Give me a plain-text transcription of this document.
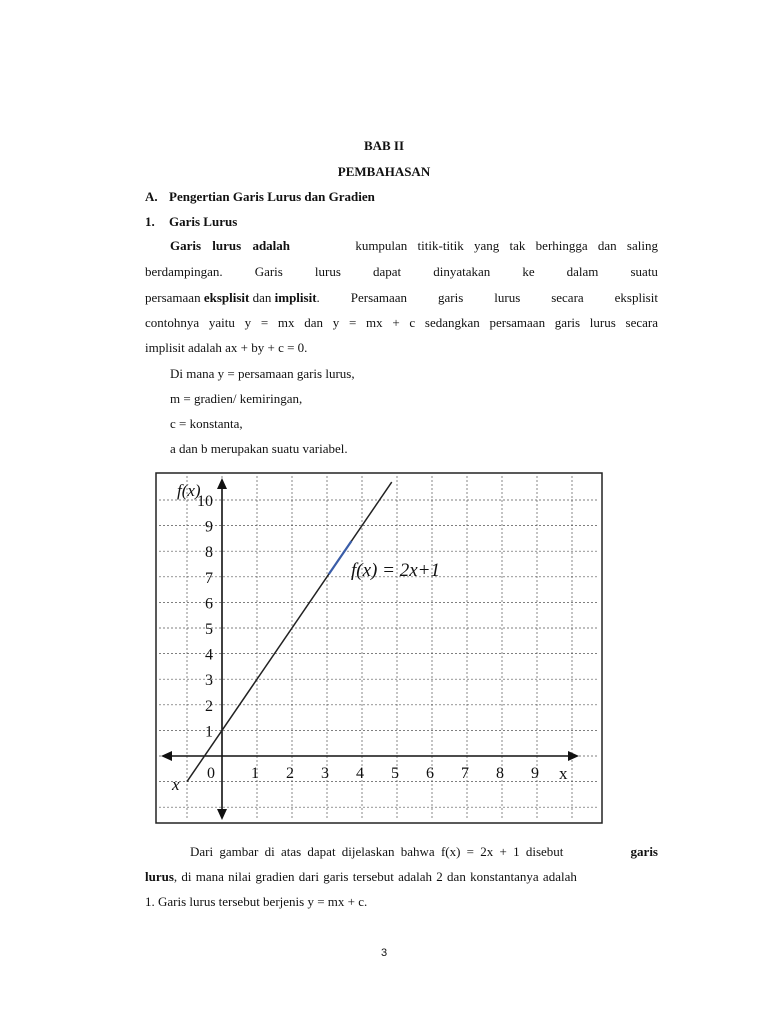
BAB II
PEMBAHASAN
A. Pengertian Garis Lurus dan Gradien
1. Garis Lurus
Garis lurus adalah	kumpulan titik-titik yang tak berhingga dan saling
berdampingan. Garis lurus dapat dinyatakan ke dalam suatu
persamaan eksplisit dan implisit. Persamaan garis lurus secara eksplisit
contohnya yaitu y = mx dan y = mx + c sedangkan persamaan garis lurus secara
implisit adalah ax + by + c = 0.
Di mana y = persamaan garis lurus,
m = gradien/ kemiringan,
c = konstanta,
a dan b merupakan suatu variabel.
0 1 2 3 4 5 6 7 8 9
1
2
3
4
5
6
7
8
9
10
f(x) = 2x+1
f(x)
x
x
Dari gambar di atas dapat dijelaskan bahwa f(x) = 2x + 1 disebut	garis
lurus, di mana nilai gradien dari garis tersebut adalah 2 dan konstantanya adalah
1. Garis lurus tersebut berjenis y = mx + c.
3
